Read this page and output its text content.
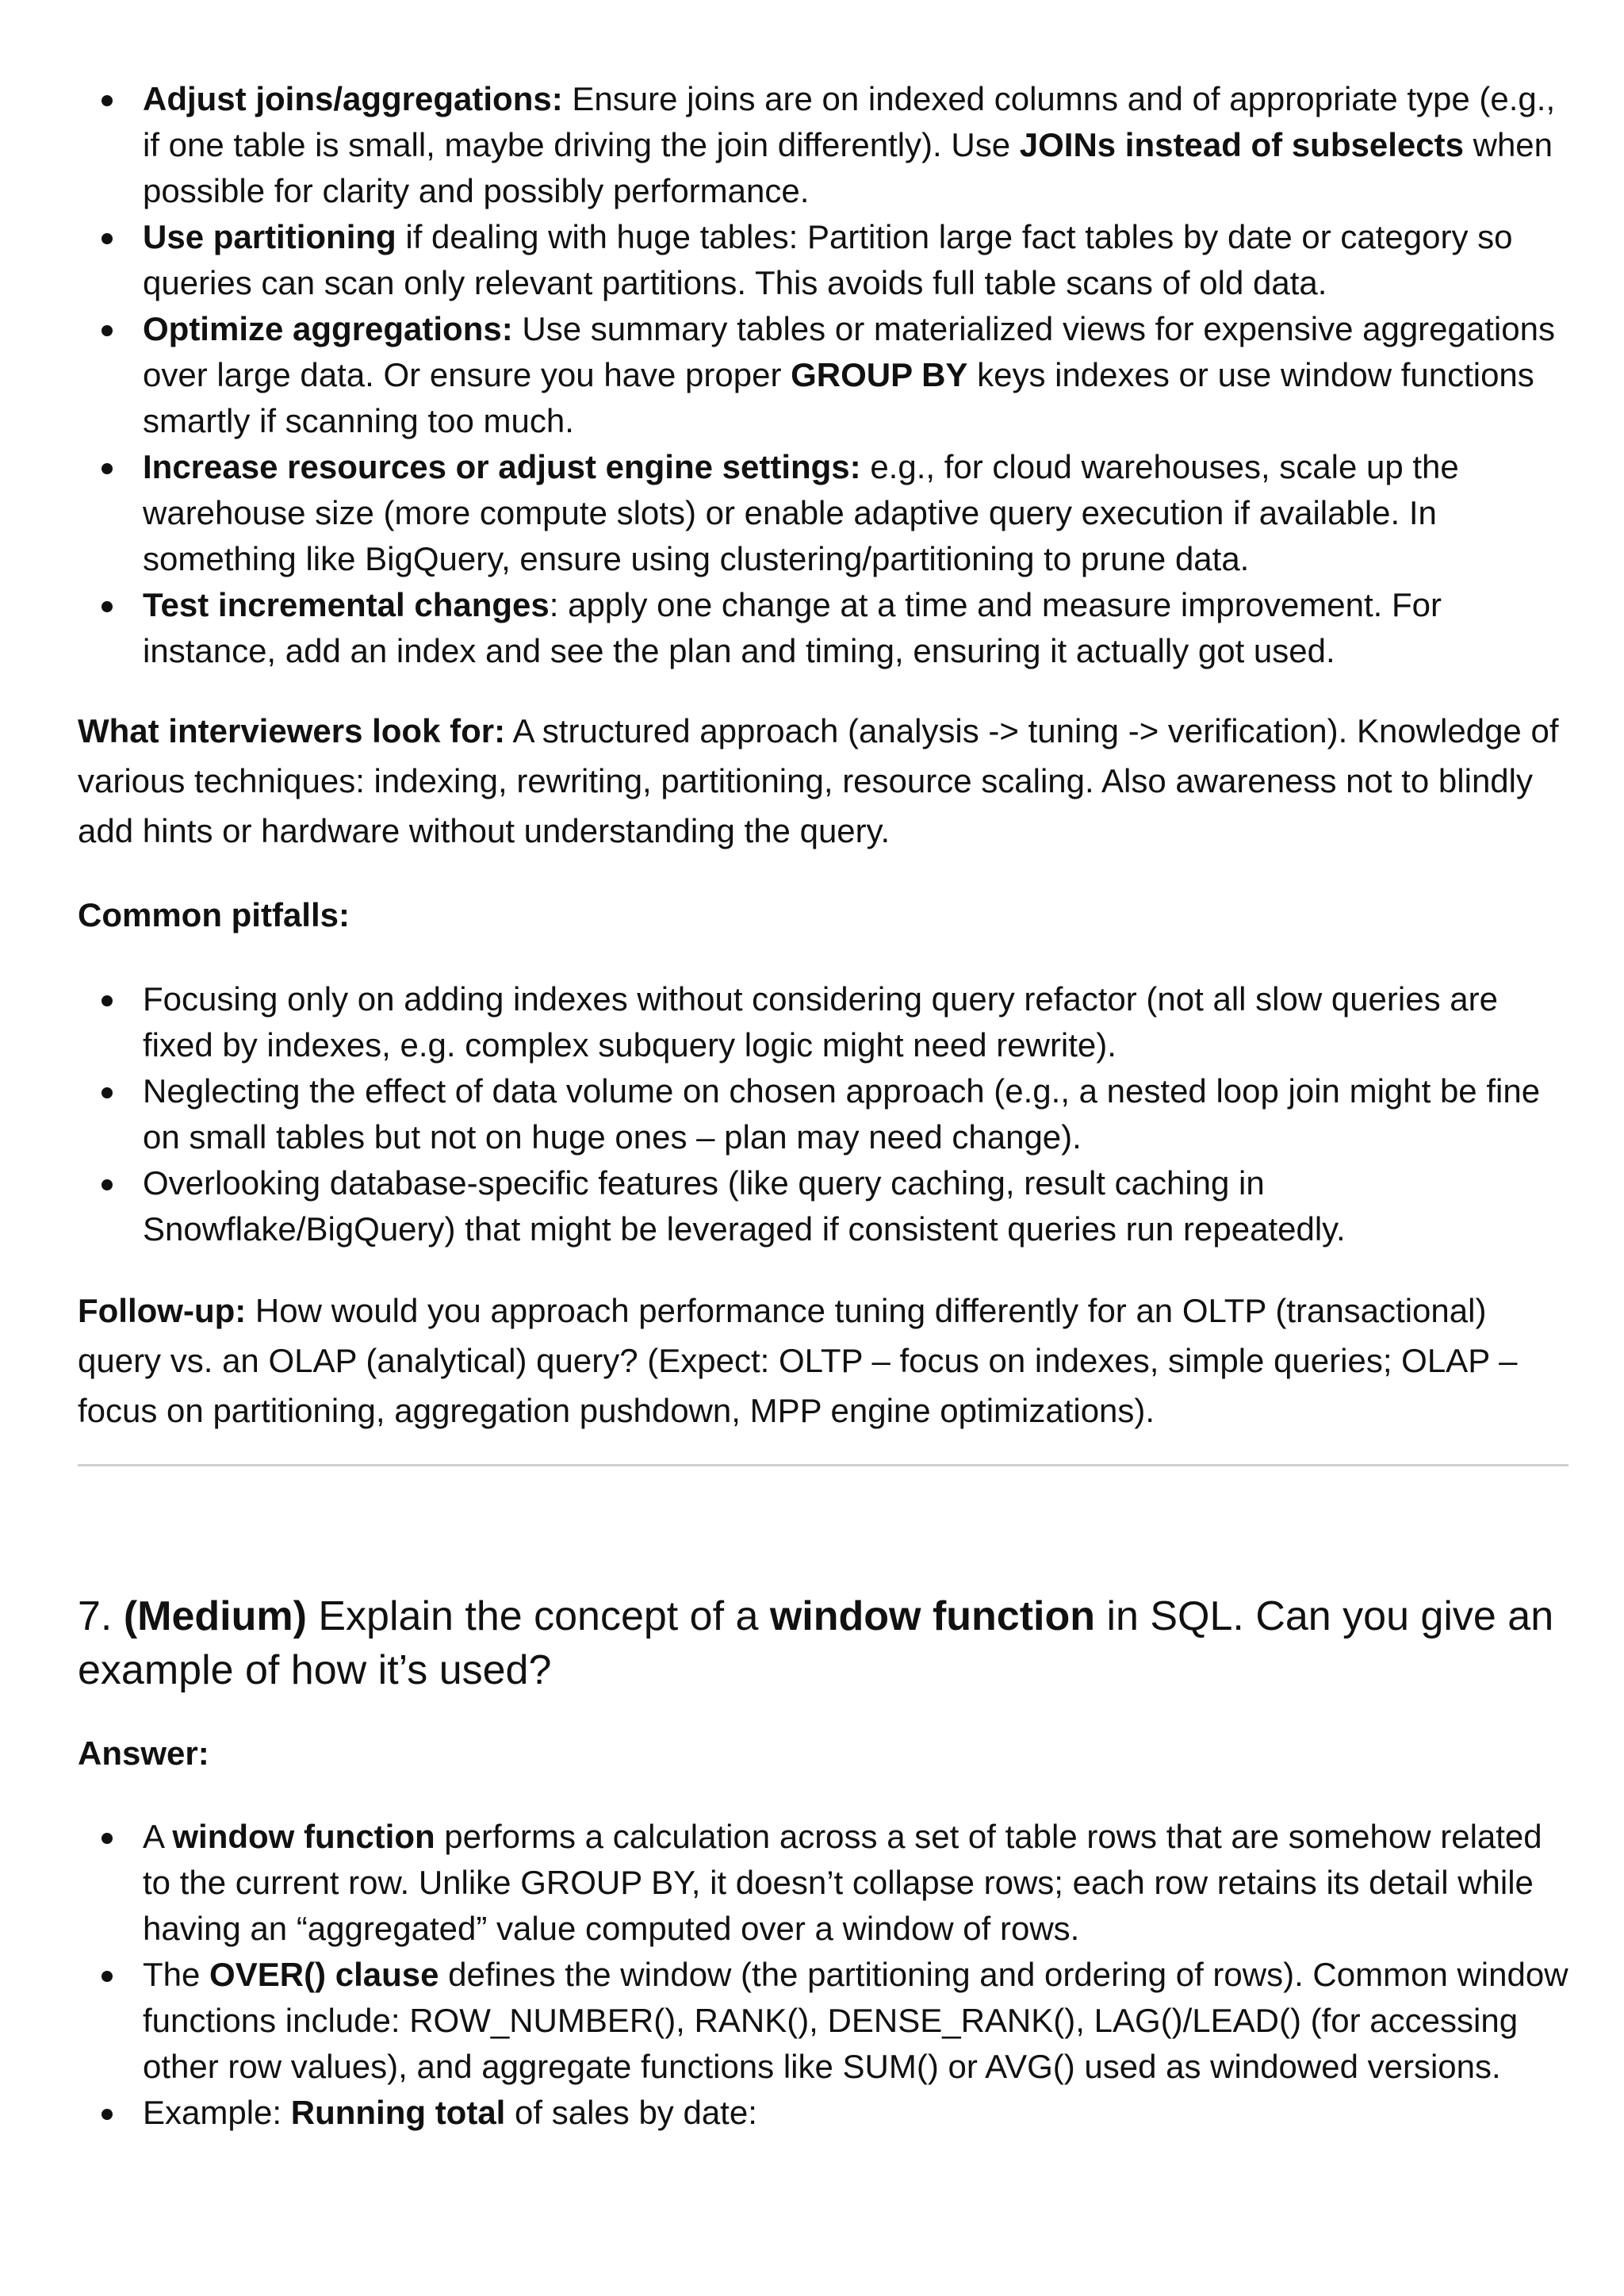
Adjust joins/aggregations: Ensure joins are on indexed columns and of appropriate type (e.g., if one table is small, maybe driving the join differently). Use JOINs instead of subselects when possible for clarity and possibly performance.
Use partitioning if dealing with huge tables: Partition large fact tables by date or category so queries can scan only relevant partitions. This avoids full table scans of old data.
Optimize aggregations: Use summary tables or materialized views for expensive aggregations over large data. Or ensure you have proper GROUP BY keys indexes or use window functions smartly if scanning too much.
Increase resources or adjust engine settings: e.g., for cloud warehouses, scale up the warehouse size (more compute slots) or enable adaptive query execution if available. In something like BigQuery, ensure using clustering/partitioning to prune data.
Test incremental changes: apply one change at a time and measure improvement. For instance, add an index and see the plan and timing, ensuring it actually got used.

What interviewers look for: A structured approach (analysis -> tuning -> verification). Knowledge of various techniques: indexing, rewriting, partitioning, resource scaling. Also awareness not to blindly add hints or hardware without understanding the query.

Common pitfalls:

Focusing only on adding indexes without considering query refactor (not all slow queries are fixed by indexes, e.g. complex subquery logic might need rewrite).
Neglecting the effect of data volume on chosen approach (e.g., a nested loop join might be fine on small tables but not on huge ones – plan may need change).
Overlooking database-specific features (like query caching, result caching in Snowflake/BigQuery) that might be leveraged if consistent queries run repeatedly.

Follow-up: How would you approach performance tuning differently for an OLTP (transactional) query vs. an OLAP (analytical) query? (Expect: OLTP – focus on indexes, simple queries; OLAP – focus on partitioning, aggregation pushdown, MPP engine optimizations).

7. (Medium) Explain the concept of a window function in SQL. Can you give an example of how it’s used?

Answer:

A window function performs a calculation across a set of table rows that are somehow related to the current row. Unlike GROUP BY, it doesn’t collapse rows; each row retains its detail while having an “aggregated” value computed over a window of rows.
The OVER() clause defines the window (the partitioning and ordering of rows). Common window functions include: ROW_NUMBER(), RANK(), DENSE_RANK(), LAG()/LEAD() (for accessing other row values), and aggregate functions like SUM() or AVG() used as windowed versions.
Example: Running total of sales by date:
